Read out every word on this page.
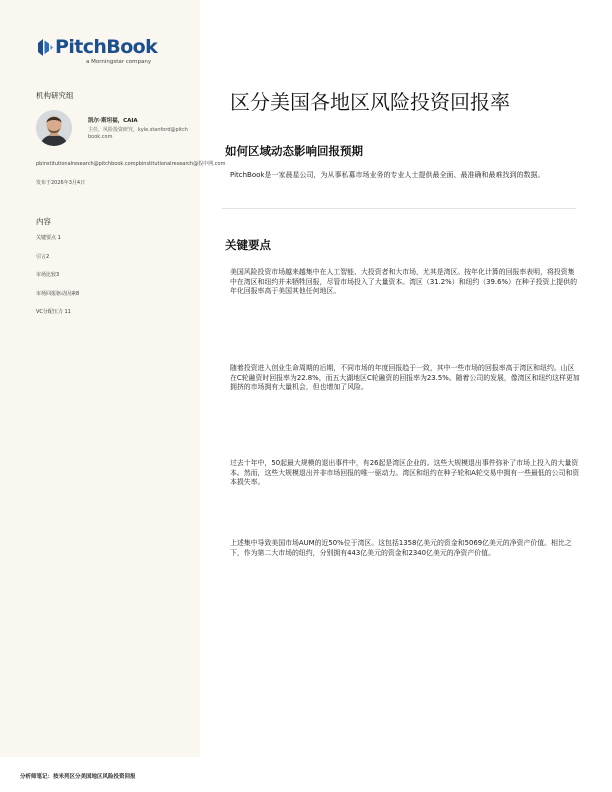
PitchBook
a Morningstar company
机构研究组
凯尔·斯坦福，CAIA
主任，风险投资研究，kyle.stanford@pitchbook.com
pbinstitutionalresearch@pitchbook.compbinstitutionalresearch@投中网.com
发布于2026年3月4日
内容
关键要点 1
引言2
市场比较3
市场回报驱动因素8
VC分配压力 11
区分美国各地区风险投资回报率
如何区域动态影响回报预期

PitchBook是一家晨星公司，为从事私募市场业务的专业人士提供最全面、最准确和最难找到的数据。

关键要点

美国风险投资市场越来越集中在人工智能、大投资者和大市场，尤其是湾区。按年化计算的回报率表明，将投资集中在湾区和纽约并未牺牲回报，尽管市场投入了大量资本。湾区（31.2%）和纽约（39.6%）在种子投资上提供的年化回报率高于美国其他任何地区。

随着投资进入创业生命周期的后期，不同市场的年度回报趋于一致，其中一些市场的回报率高于湾区和纽约。山区在C轮融资时回报率为22.8%，而五大湖地区C轮融资的回报率为23.5%。随着公司的发展，像湾区和纽约这样更加拥挤的市场拥有大量机会，但也增加了风险。

过去十年中，50起最大规模的退出事件中，有26起是湾区企业的。这些大规模退出事件弥补了市场上投入的大量资本。然而，这些大规模退出并非市场回报的唯一驱动力。湾区和纽约在种子轮和A轮交易中拥有一些最低的公司和资本损失率。

上述集中导致美国市场AUM的近50%位于湾区。这包括1358亿美元的资金和5069亿美元的净资产价值。相比之下，作为第二大市场的纽约，分别拥有443亿美元的资金和2340亿美元的净资产价值。

分析师笔记：按米列区分美国地区风险投资回报
